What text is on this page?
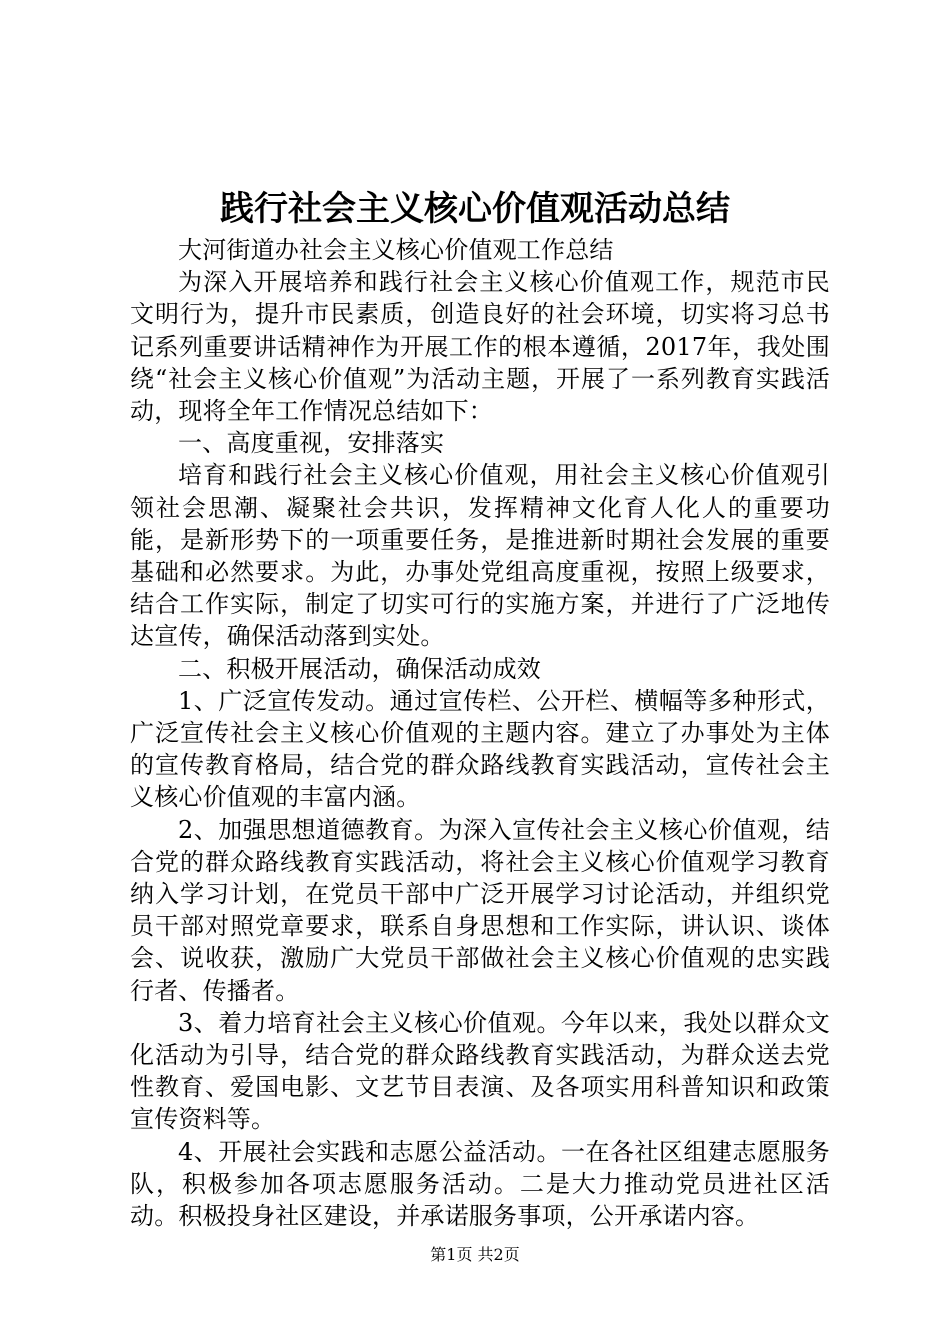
践行社会主义核心价值观活动总结

大河街道办社会主义核心价值观工作总结

为深入开展培养和践行社会主义核心价值观工作，规范市民文明行为，提升市民素质，创造良好的社会环境，切实将习总书记系列重要讲话精神作为开展工作的根本遵循，2017年，我处围绕“社会主义核心价值观”为活动主题，开展了一系列教育实践活动，现将全年工作情况总结如下：

一、高度重视，安排落实

培育和践行社会主义核心价值观，用社会主义核心价值观引领社会思潮、凝聚社会共识，发挥精神文化育人化人的重要功能，是新形势下的一项重要任务，是推进新时期社会发展的重要基础和必然要求。为此，办事处党组高度重视，按照上级要求，结合工作实际，制定了切实可行的实施方案，并进行了广泛地传达宣传，确保活动落到实处。

二、积极开展活动，确保活动成效

1、广泛宣传发动。通过宣传栏、公开栏、横幅等多种形式，广泛宣传社会主义核心价值观的主题内容。建立了办事处为主体的宣传教育格局，结合党的群众路线教育实践活动，宣传社会主义核心价值观的丰富内涵。

2、加强思想道德教育。为深入宣传社会主义核心价值观，结合党的群众路线教育实践活动，将社会主义核心价值观学习教育纳入学习计划，在党员干部中广泛开展学习讨论活动，并组织党员干部对照党章要求，联系自身思想和工作实际，讲认识、谈体会、说收获，激励广大党员干部做社会主义核心价值观的忠实践行者、传播者。

3、着力培育社会主义核心价值观。今年以来，我处以群众文化活动为引导，结合党的群众路线教育实践活动，为群众送去党性教育、爱国电影、文艺节目表演、及各项实用科普知识和政策宣传资料等。

4、开展社会实践和志愿公益活动。一在各社区组建志愿服务队，积极参加各项志愿服务活动。二是大力推动党员进社区活动。积极投身社区建设，并承诺服务事项，公开承诺内容。

第1页 共2页
